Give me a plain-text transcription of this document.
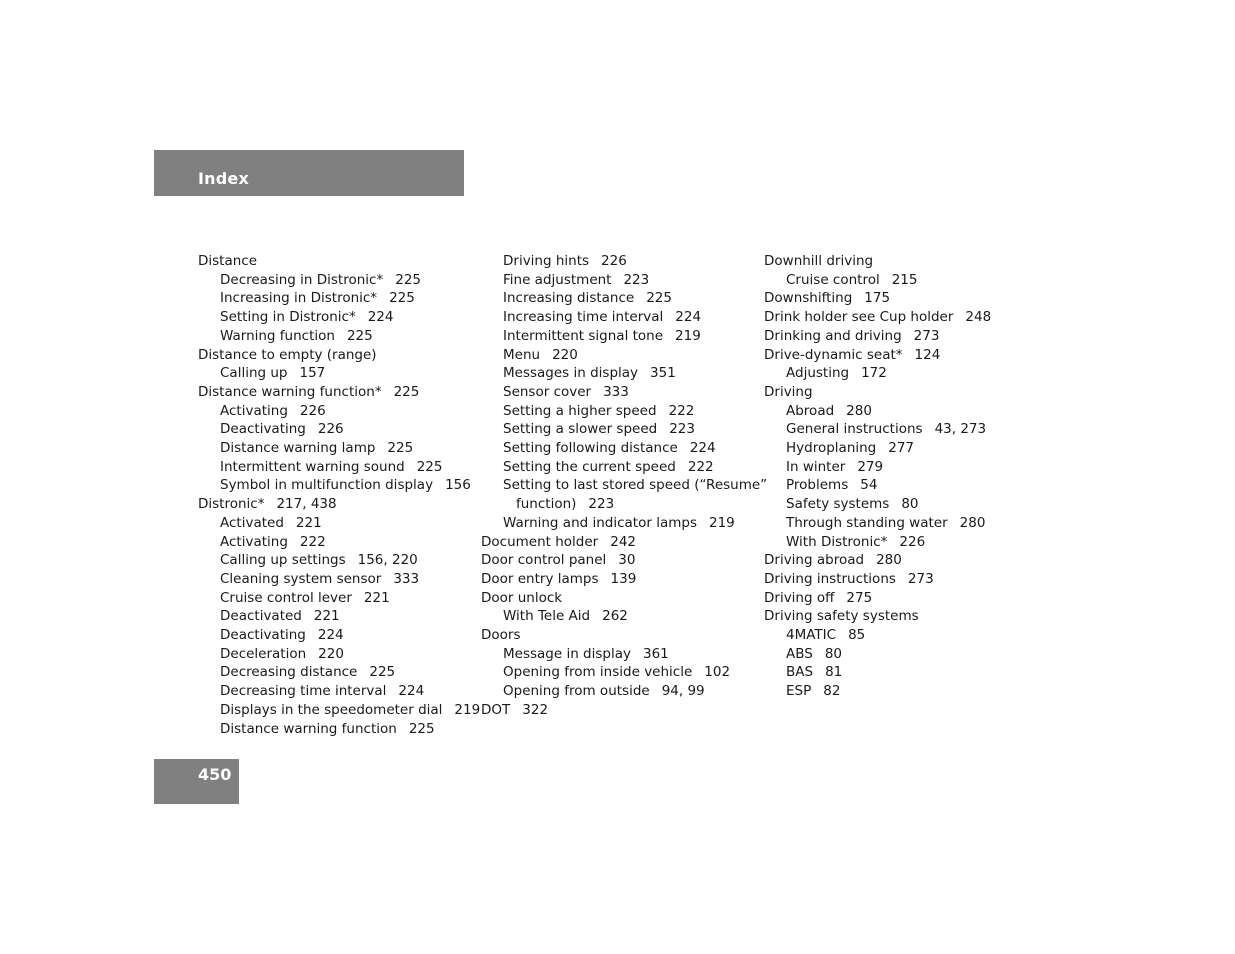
Index
Distance
Decreasing in Distronic* 225
Increasing in Distronic* 225
Setting in Distronic* 224
Warning function 225
Distance to empty (range)
Calling up 157
Distance warning function* 225
Activating 226
Deactivating 226
Distance warning lamp 225
Intermittent warning sound 225
Symbol in multifunction display 156
Distronic* 217, 438
Activated 221
Activating 222
Calling up settings 156, 220
Cleaning system sensor 333
Cruise control lever 221
Deactivated 221
Deactivating 224
Deceleration 220
Decreasing distance 225
Decreasing time interval 224
Displays in the speedometer dial 219
Distance warning function 225
Driving hints 226
Fine adjustment 223
Increasing distance 225
Increasing time interval 224
Intermittent signal tone 219
Menu 220
Messages in display 351
Sensor cover 333
Setting a higher speed 222
Setting a slower speed 223
Setting following distance 224
Setting the current speed 222
Setting to last stored speed (“Resume”
function) 223
Warning and indicator lamps 219
Document holder 242
Door control panel 30
Door entry lamps 139
Door unlock
With Tele Aid 262
Doors
Message in display 361
Opening from inside vehicle 102
Opening from outside 94, 99
DOT 322
Downhill driving
Cruise control 215
Downshifting 175
Drink holder see Cup holder 248
Drinking and driving 273
Drive-dynamic seat* 124
Adjusting 172
Driving
Abroad 280
General instructions 43, 273
Hydroplaning 277
In winter 279
Problems 54
Safety systems 80
Through standing water 280
With Distronic* 226
Driving abroad 280
Driving instructions 273
Driving off 275
Driving safety systems
4MATIC 85
ABS 80
BAS 81
ESP 82
450
